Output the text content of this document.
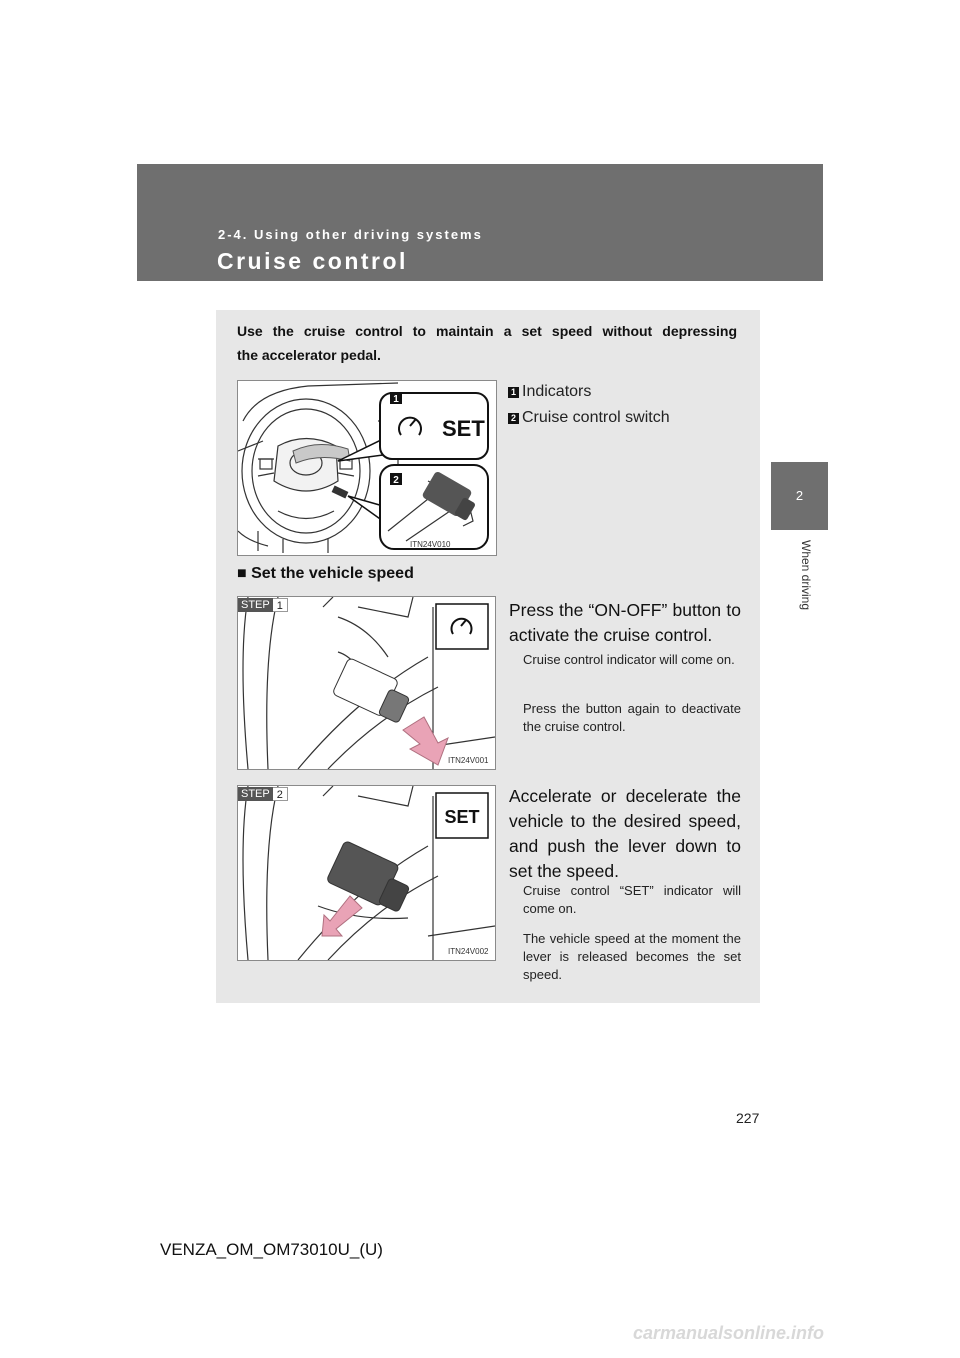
2-4. Using other driving systems
Cruise control
2
When driving
Use the cruise control to maintain a set speed without depressing
the accelerator pedal.
1
SET
2
ITN24V010
1 Indicators
2 Cruise control switch
■ Set the vehicle speed
ITN24V001
STEP 1	Press the “ON-OFF” button to activate the cruise control.
Cruise control indicator will come on.
Press the button again to deactivate the cruise control.
SET
ITN24V002
STEP 2	Accelerate or decelerate the vehicle to the desired speed, and push the lever down to set the speed.
Cruise control “SET” indicator will come on.
The vehicle speed at the moment the lever is released becomes the set speed.
227
VENZA_OM_OM73010U_(U)
carmanualsonline.info
